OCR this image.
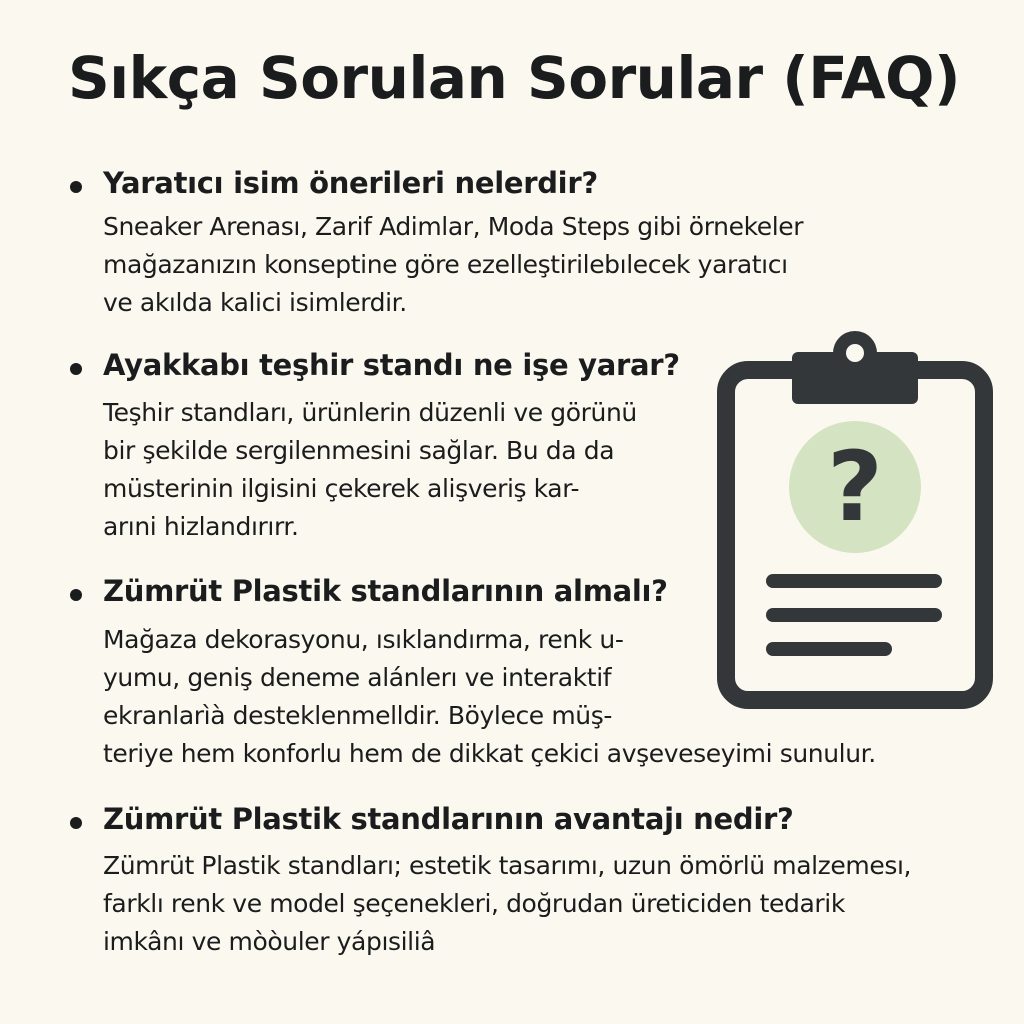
Sıkça Sorulan Sorular (FAQ)
Yaratıcı isim önerileri nelerdir?
Sneaker Arenası, Zarif Adimlar, Moda Steps gibi örnekeler
mağazanızın konseptine göre ezelleştirilebılecek yaratıcı
ve akılda kalici isimlerdir.
Ayakkabı teşhir standı ne işe yarar?
Teşhir standları, ürünlerin düzenli ve görünü
bir şekilde sergilenmesini sağlar. Bu da da
müsterinin ilgisini çekerek alişveriş kar-
arıni hizlandırırr.
Zümrüt Plastik standlarının almalı?
Mağaza dekorasyonu, ısıklandırma, renk u-
yumu, geniş deneme alánlerı ve interaktif
ekranlarìà desteklenmelldir. Böylece müş-
teriye hem konforlu hem de dikkat çekici avşeveseyimi sunulur.
Zümrüt Plastik standlarının avantajı nedir?
Zümrüt Plastik standları; estetik tasarımı, uzun ömörlü malzemesı,
farklı renk ve model şeçenekleri, doğrudan üreticiden tedarik
imkânı ve mòòuler yápısiliâ
?
